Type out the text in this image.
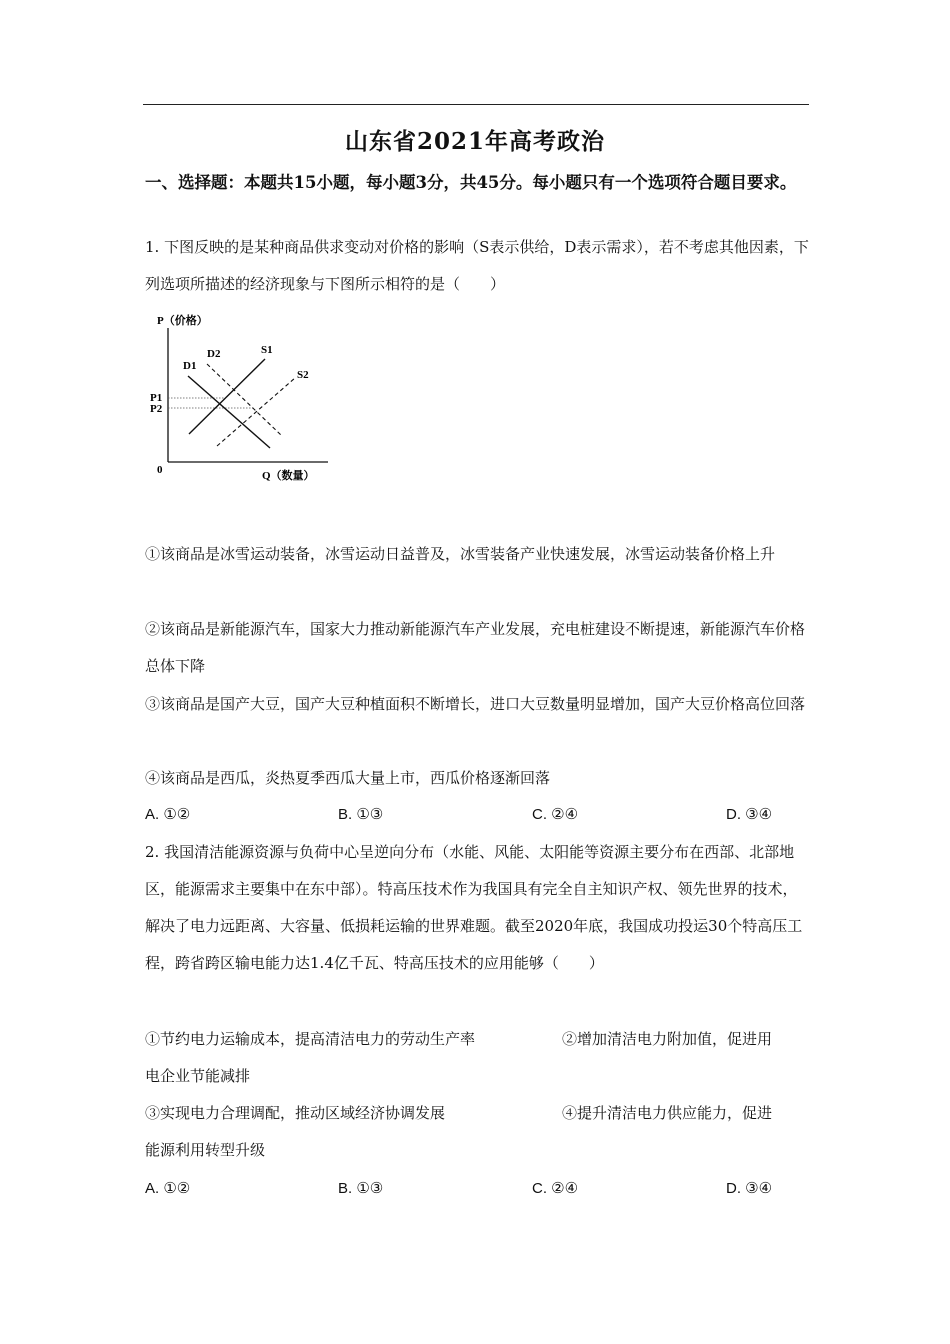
山东省2021年高考政治
一、选择题：本题共15小题，每小题3分，共45分。每小题只有一个选项符合题目要求。

1. 下图反映的是某种商品供求变动对价格的影响（S表示供给，D表示需求），若不考虑其他因素，下列选项所描述的经济现象与下图所示相符的是（　　）

P（价格）
Q（数量）
0
D1
D2	S1
S2
P1
P2

①该商品是冰雪运动装备，冰雪运动日益普及，冰雪装备产业快速发展，冰雪运动装备价格上升

②该商品是新能源汽车，国家大力推动新能源汽车产业发展，充电桩建设不断提速，新能源汽车价格总体下降

③该商品是国产大豆，国产大豆种植面积不断增长，进口大豆数量明显增加，国产大豆价格高位回落

④该商品是西瓜，炎热夏季西瓜大量上市，西瓜价格逐渐回落

A. ①②	B. ①③	C. ②④	D. ③④

2. 我国清洁能源资源与负荷中心呈逆向分布（水能、风能、太阳能等资源主要分布在西部、北部地区，能源需求主要集中在东中部）。特高压技术作为我国具有完全自主知识产权、领先世界的技术，解决了电力远距离、大容量、低损耗运输的世界难题。截至2020年底，我国成功投运30个特高压工程，跨省跨区输电能力达1.4亿千瓦、特高压技术的应用能够（　　）

①节约电力运输成本，提高清洁电力的劳动生产率	②增加清洁电力附加值，促进用

电企业节能减排

③实现电力合理调配，推动区域经济协调发展	④提升清洁电力供应能力，促进

能源利用转型升级

A. ①②	B. ①③	C. ②④	D. ③④
